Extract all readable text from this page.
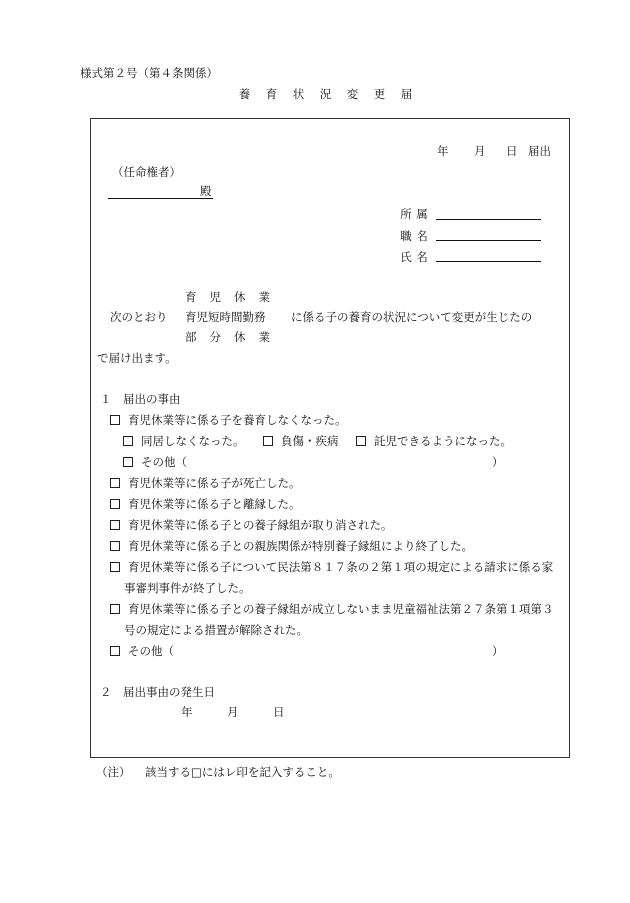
様式第２号（第４条関係）
養 育 状 況 変 更 届
年 月 日 届出
（任命権者）
殿
所 属
職 名
氏 名
育児休業
次のとおり 育児短時間勤務 に係る子の養育の状況について変更が生じたの
部分休業
で届け出ます。
１　届出の事由
育児休業等に係る子を養育しなくなった。
同居しなくなった。	負傷・疾病	託児できるようになった。
その他（	）
育児休業等に係る子が死亡した。
育児休業等に係る子と離縁した。
育児休業等に係る子との養子縁組が取り消された。
育児休業等に係る子との親族関係が特別養子縁組により終了した。
育児休業等に係る子について民法第８１７条の２第１項の規定による請求に係る家
事審判事件が終了した。
育児休業等に係る子との養子縁組が成立しないまま児童福祉法第２７条第１項第３
号の規定による措置が解除された。
その他（	）
２　届出事由の発生日
年	月	日
（注） 該当する□にはレ印を記入すること。
